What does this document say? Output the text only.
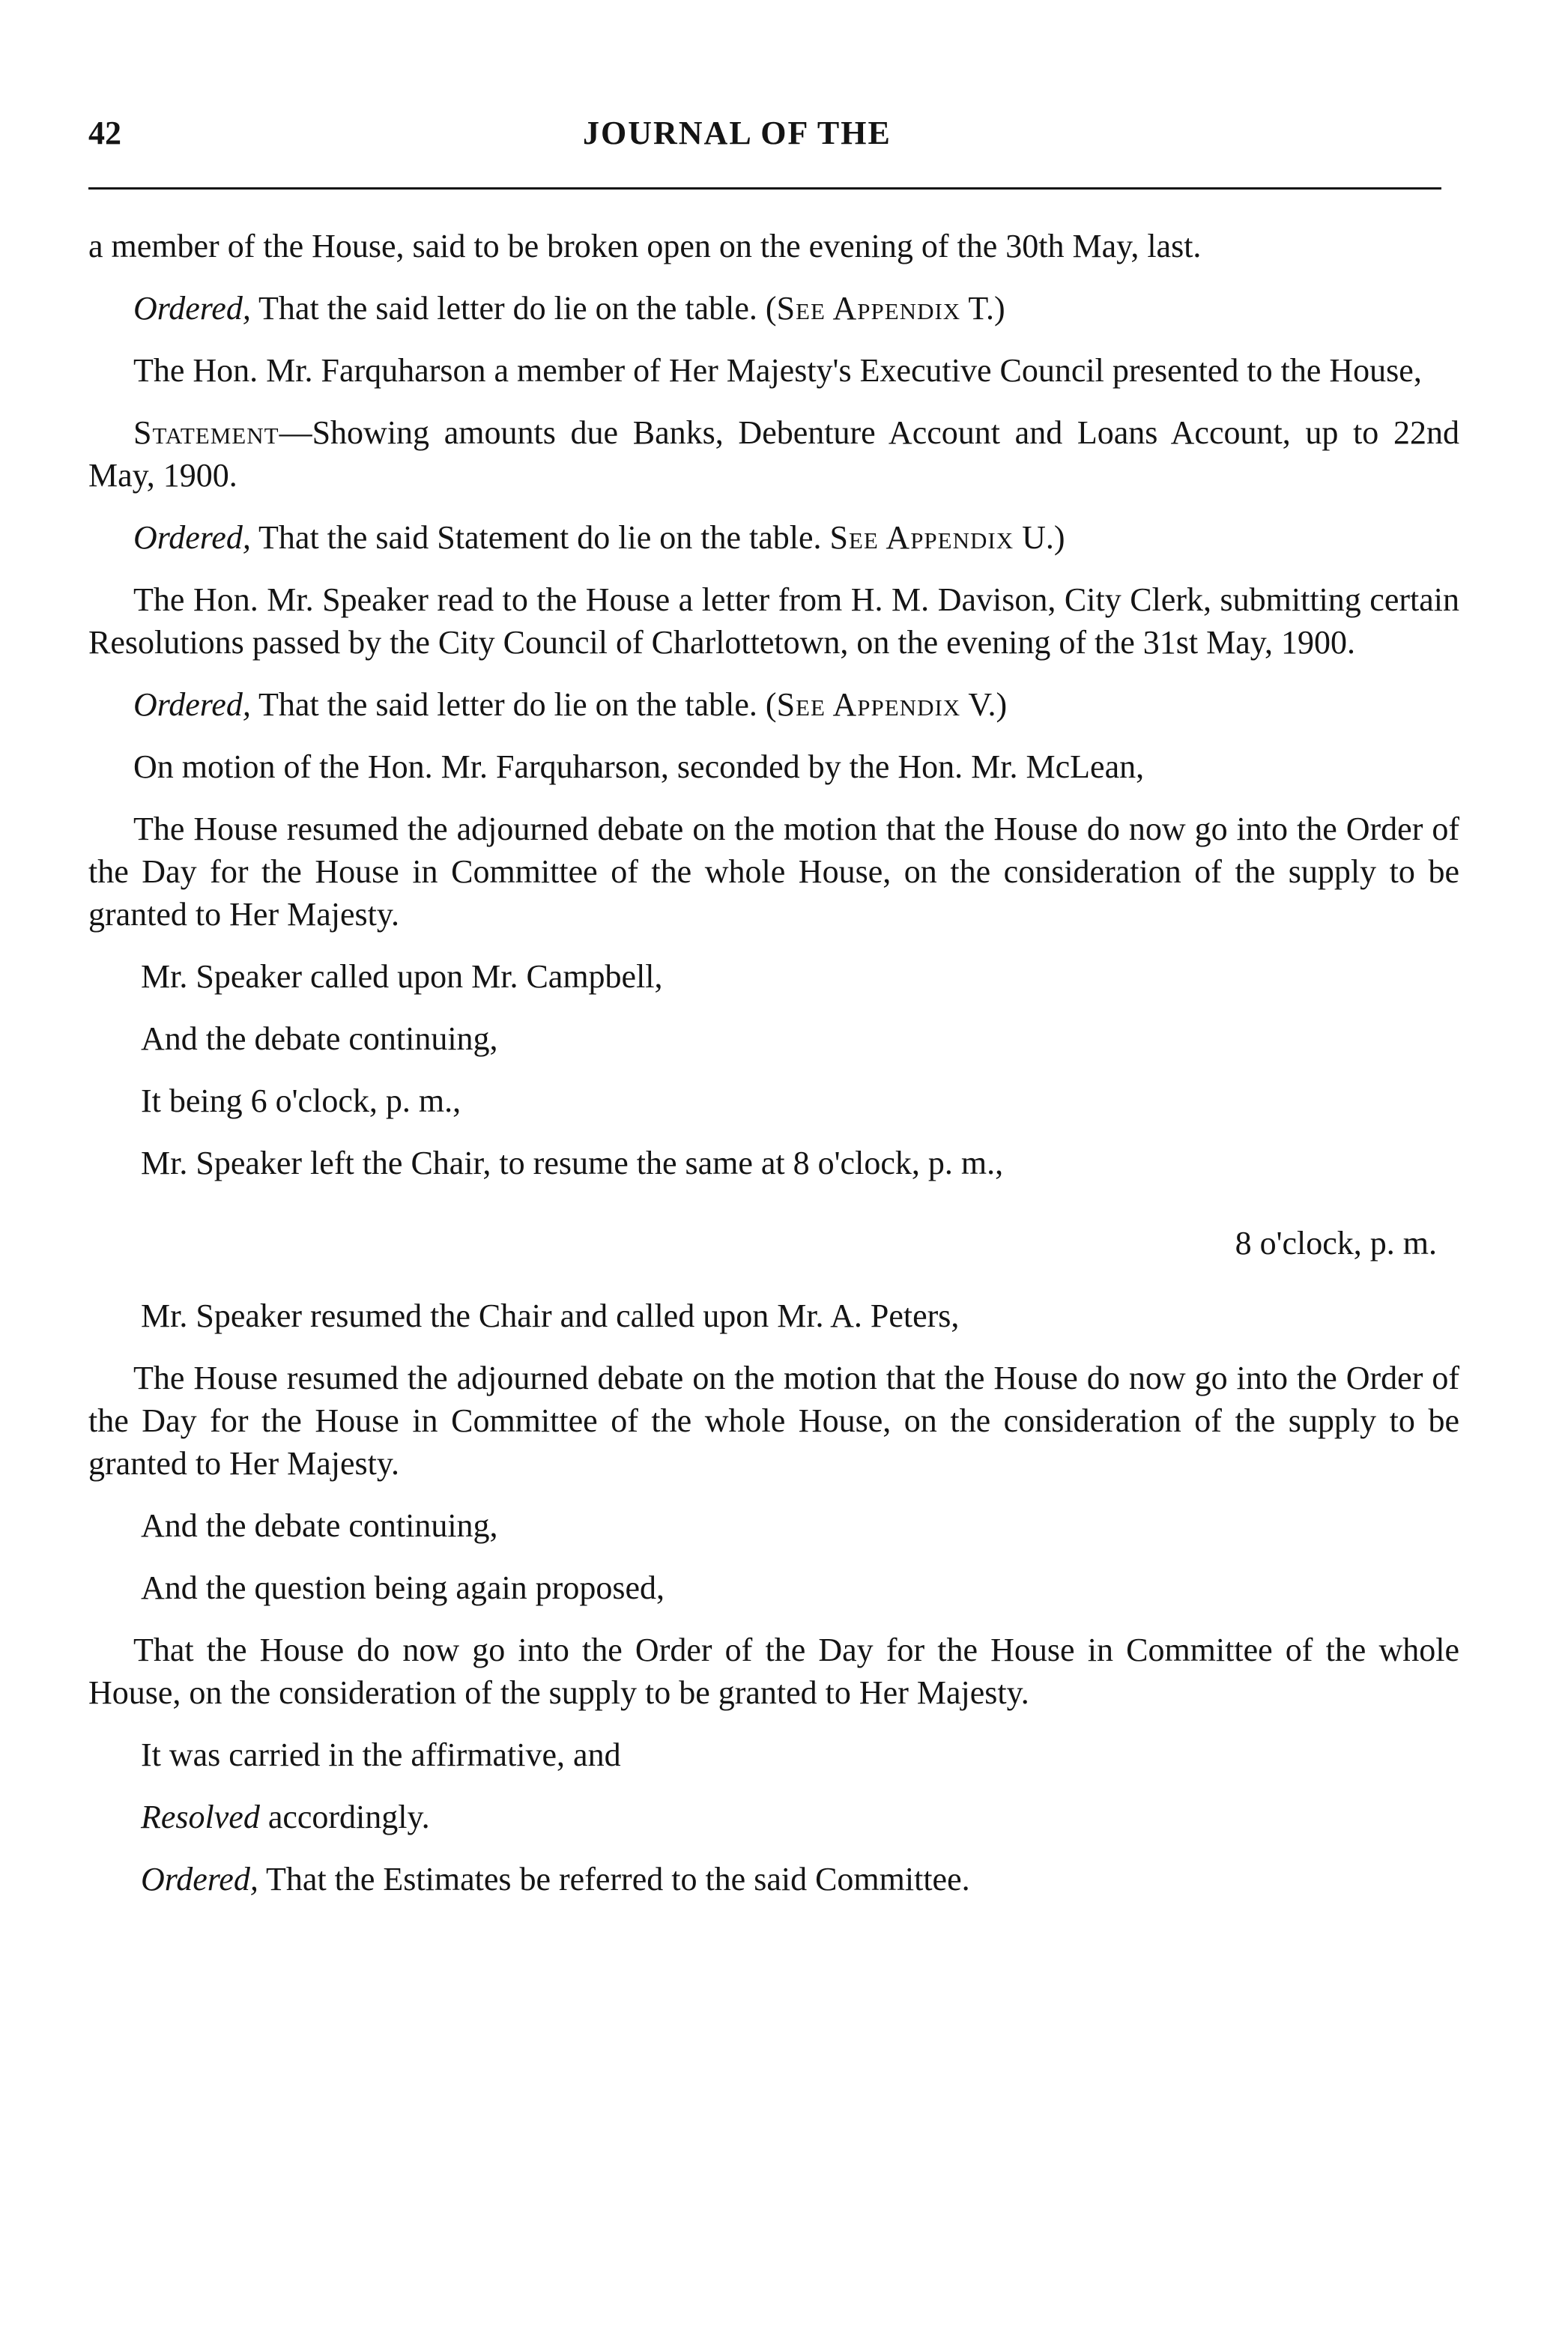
42	JOURNAL OF THE

a member of the House, said to be broken open on the evening of the 30th May, last.

Ordered, That the said letter do lie on the table. (See Appendix T.)

The Hon. Mr. Farquharson a member of Her Majesty's Executive Council presented to the House,

Statement—Showing amounts due Banks, Debenture Account and Loans Account, up to 22nd May, 1900.

Ordered, That the said Statement do lie on the table. See Appendix U.)

The Hon. Mr. Speaker read to the House a letter from H. M. Davison, City Clerk, submitting certain Resolutions passed by the City Council of Charlottetown, on the evening of the 31st May, 1900.

Ordered, That the said letter do lie on the table. (See Appendix V.)

On motion of the Hon. Mr. Farquharson, seconded by the Hon. Mr. McLean,

The House resumed the adjourned debate on the motion that the House do now go into the Order of the Day for the House in Committee of the whole House, on the consideration of the supply to be granted to Her Majesty.

Mr. Speaker called upon Mr. Campbell,

And the debate continuing,

It being 6 o'clock, p. m.,

Mr. Speaker left the Chair, to resume the same at 8 o'clock, p. m.,

8 o'clock, p. m.

Mr. Speaker resumed the Chair and called upon Mr. A. Peters,

The House resumed the adjourned debate on the motion that the House do now go into the Order of the Day for the House in Committee of the whole House, on the consideration of the supply to be granted to Her Majesty.

And the debate continuing,

And the question being again proposed,

That the House do now go into the Order of the Day for the House in Committee of the whole House, on the consideration of the supply to be granted to Her Majesty.

It was carried in the affirmative, and

Resolved accordingly.

Ordered, That the Estimates be referred to the said Committee.
